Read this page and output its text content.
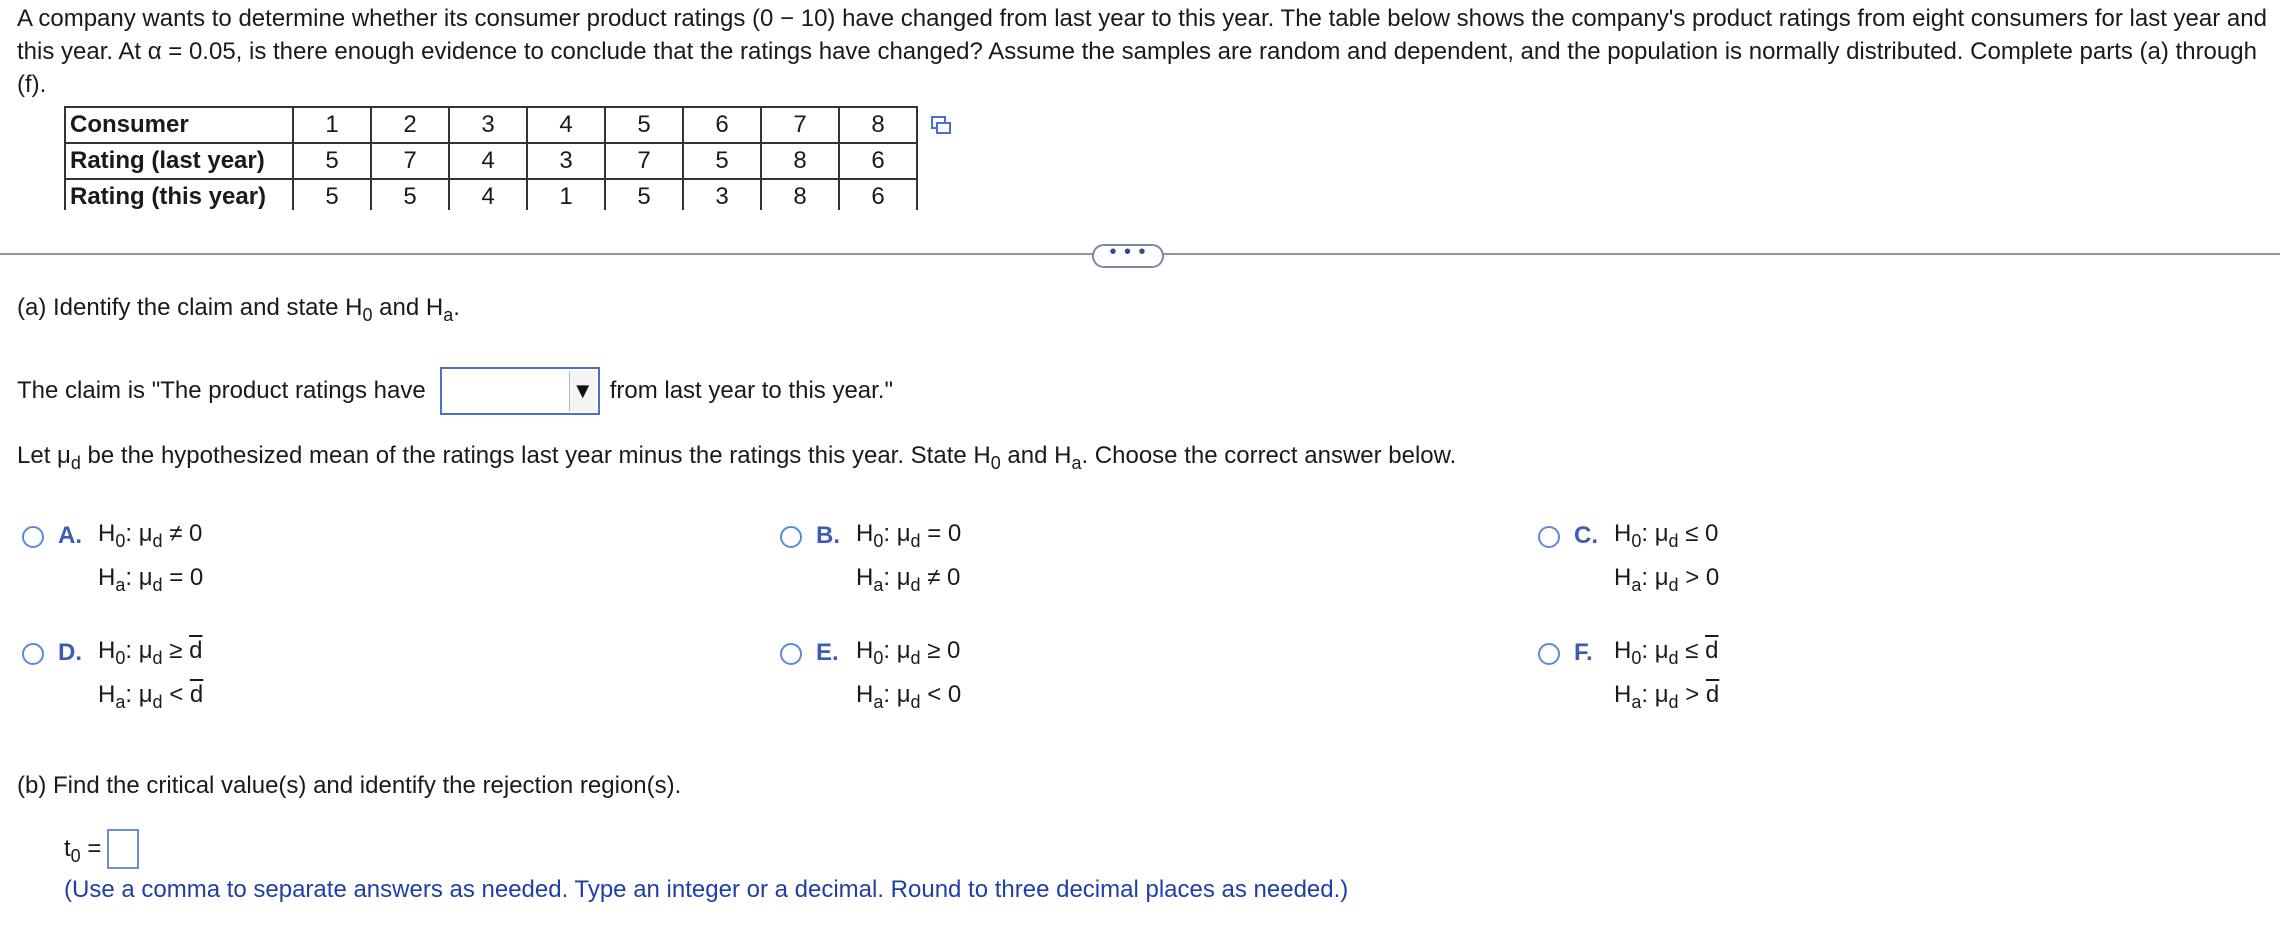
A company wants to determine whether its consumer product ratings (0 − 10) have changed from last year to this year. The table below shows the company's product ratings from eight consumers for last year and this year. At α = 0.05, is there enough evidence to conclude that the ratings have changed? Assume the samples are random and dependent, and the population is normally distributed. Complete parts (a) through (f).
Consumer	1	2	3	4	5	6	7	8
Rating (last year)	5	7	4	3	7	5	8	6
Rating (this year)	5	5	4	1	5	3	8	6
• • •
(a) Identify the claim and state $H_0$ and $H_a$.
The claim is "The product ratings have	▼ from last year to this year."
Let $\mu_d$ be the hypothesized mean of the ratings last year minus the ratings this year. State $H_0$ and $H_a$. Choose the correct answer below.
A. $H_0$: $\mu_d \ne 0$
$H_a$: $\mu_d = 0$
B. $H_0$: $\mu_d = 0$
$H_a$: $\mu_d \ne 0$
C. $H_0$: $\mu_d \le 0$
$H_a$: $\mu_d > 0$
D. $H_0$: $\mu_d \ge \overline{d}$
$H_a$: $\mu_d < \overline{d}$
E. $H_0$: $\mu_d \ge 0$
$H_a$: $\mu_d < 0$
F. $H_0$: $\mu_d \le \overline{d}$
$H_a$: $\mu_d > \overline{d}$
(b) Find the critical value(s) and identify the rejection region(s).
$t_0$ =
(Use a comma to separate answers as needed. Type an integer or a decimal. Round to three decimal places as needed.)
